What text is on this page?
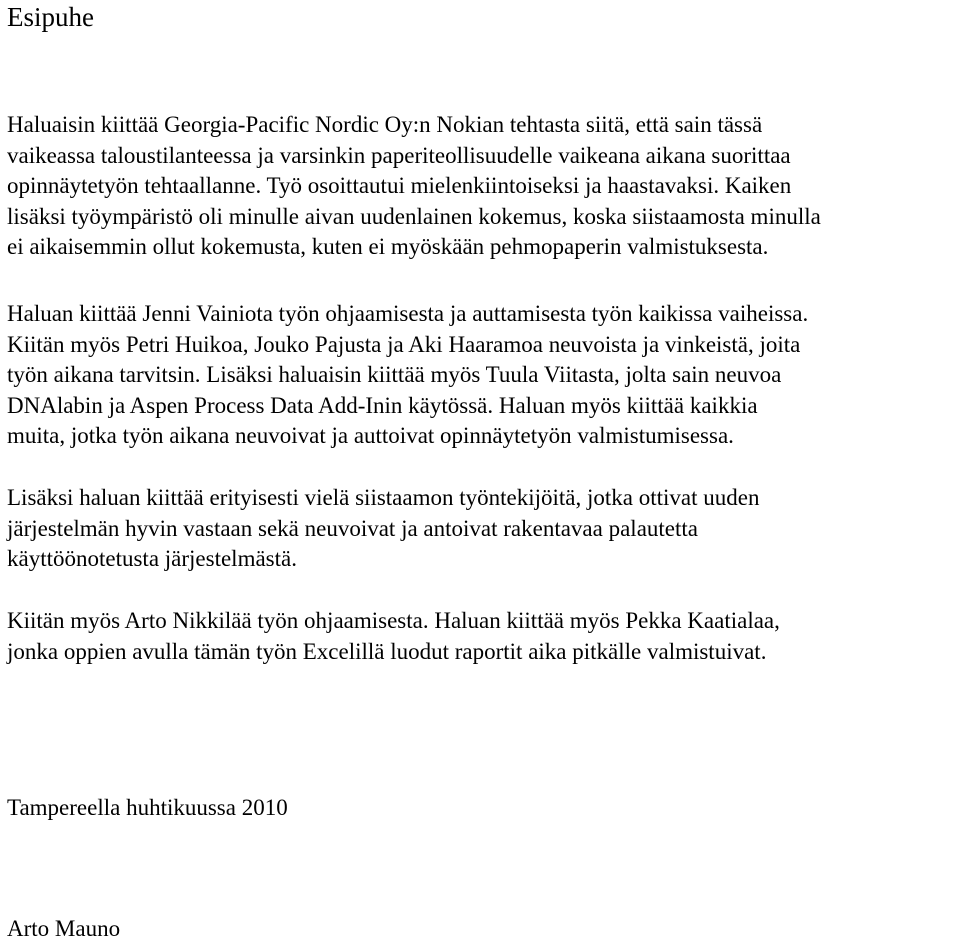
Esipuhe

Haluaisin kiittää Georgia-Pacific Nordic Oy:n Nokian tehtasta siitä, että sain tässä
vaikeassa taloustilanteessa ja varsinkin paperiteollisuudelle vaikeana aikana suorittaa
opinnäytetyön tehtaallanne. Työ osoittautui mielenkiintoiseksi ja haastavaksi. Kaiken
lisäksi työympäristö oli minulle aivan uudenlainen kokemus, koska siistaamosta minulla
ei aikaisemmin ollut kokemusta, kuten ei myöskään pehmopaperin valmistuksesta.

Haluan kiittää Jenni Vainiota työn ohjaamisesta ja auttamisesta työn kaikissa vaiheissa.
Kiitän myös Petri Huikoa, Jouko Pajusta ja Aki Haaramoa neuvoista ja vinkeistä, joita
työn aikana tarvitsin. Lisäksi haluaisin kiittää myös Tuula Viitasta, jolta sain neuvoa
DNAlabin ja Aspen Process Data Add-Inin käytössä. Haluan myös kiittää kaikkia
muita, jotka työn aikana neuvoivat ja auttoivat opinnäytetyön valmistumisessa.

Lisäksi haluan kiittää erityisesti vielä siistaamon työntekijöitä, jotka ottivat uuden
järjestelmän hyvin vastaan sekä neuvoivat ja antoivat rakentavaa palautetta
käyttöönotetusta järjestelmästä.

Kiitän myös Arto Nikkilää työn ohjaamisesta. Haluan kiittää myös Pekka Kaatialaa,
jonka oppien avulla tämän työn Excelillä luodut raportit aika pitkälle valmistuivat.

Tampereella huhtikuussa 2010

Arto Mauno
